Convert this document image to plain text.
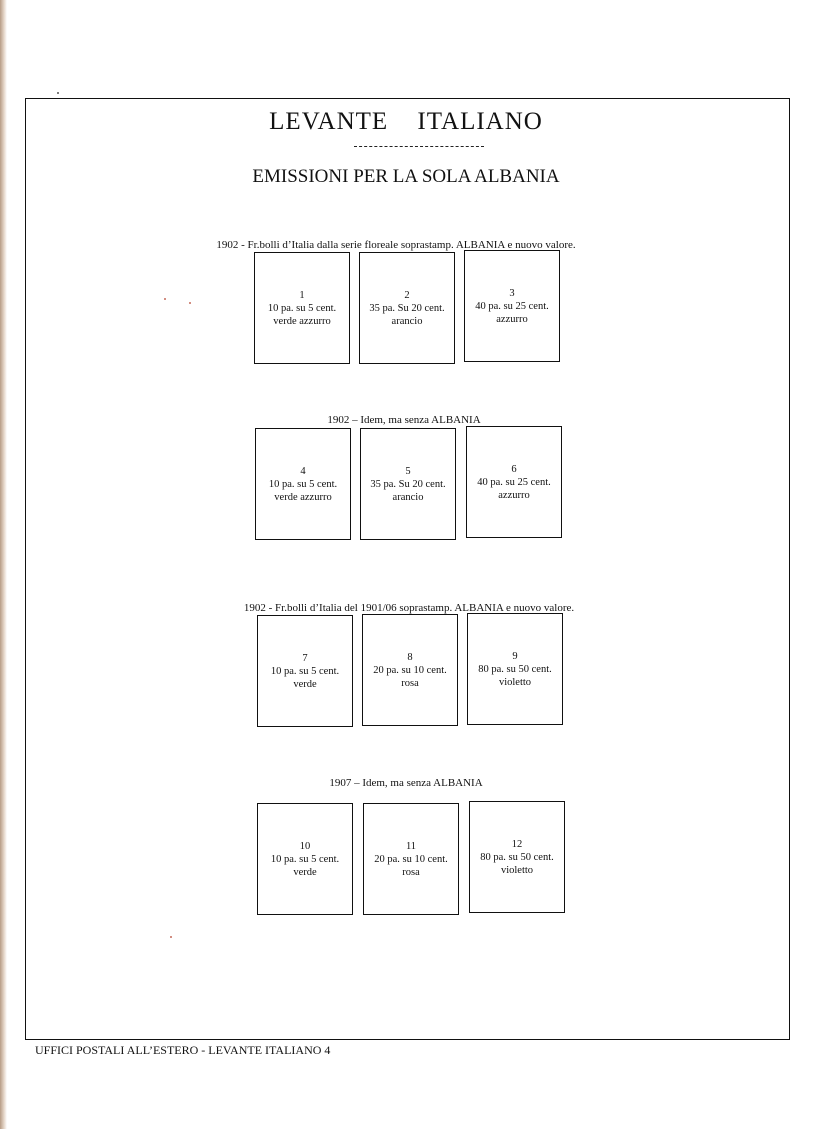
LEVANTE ITALIANO
EMISSIONI PER LA SOLA ALBANIA
1902 - Fr.bolli d’Italia dalla serie floreale soprastamp. ALBANIA e nuovo valore.
1
10 pa. su 5 cent.
verde azzurro
2
35 pa. Su 20 cent.
arancio
3
40 pa. su 25 cent.
azzurro
1902 – Idem, ma senza ALBANIA
4
10 pa. su 5 cent.
verde azzurro
5
35 pa. Su 20 cent.
arancio
6
40 pa. su 25 cent.
azzurro
1902 - Fr.bolli d’Italia del 1901/06 soprastamp. ALBANIA e nuovo valore.
7
10 pa. su 5 cent.
verde
8
20 pa. su 10 cent.
rosa
9
80 pa. su 50 cent.
violetto
1907 – Idem, ma senza ALBANIA
10
10 pa. su 5 cent.
verde
11
20 pa. su 10 cent.
rosa
12
80 pa. su 50 cent.
violetto
UFFICI POSTALI ALL’ESTERO - LEVANTE ITALIANO 4
